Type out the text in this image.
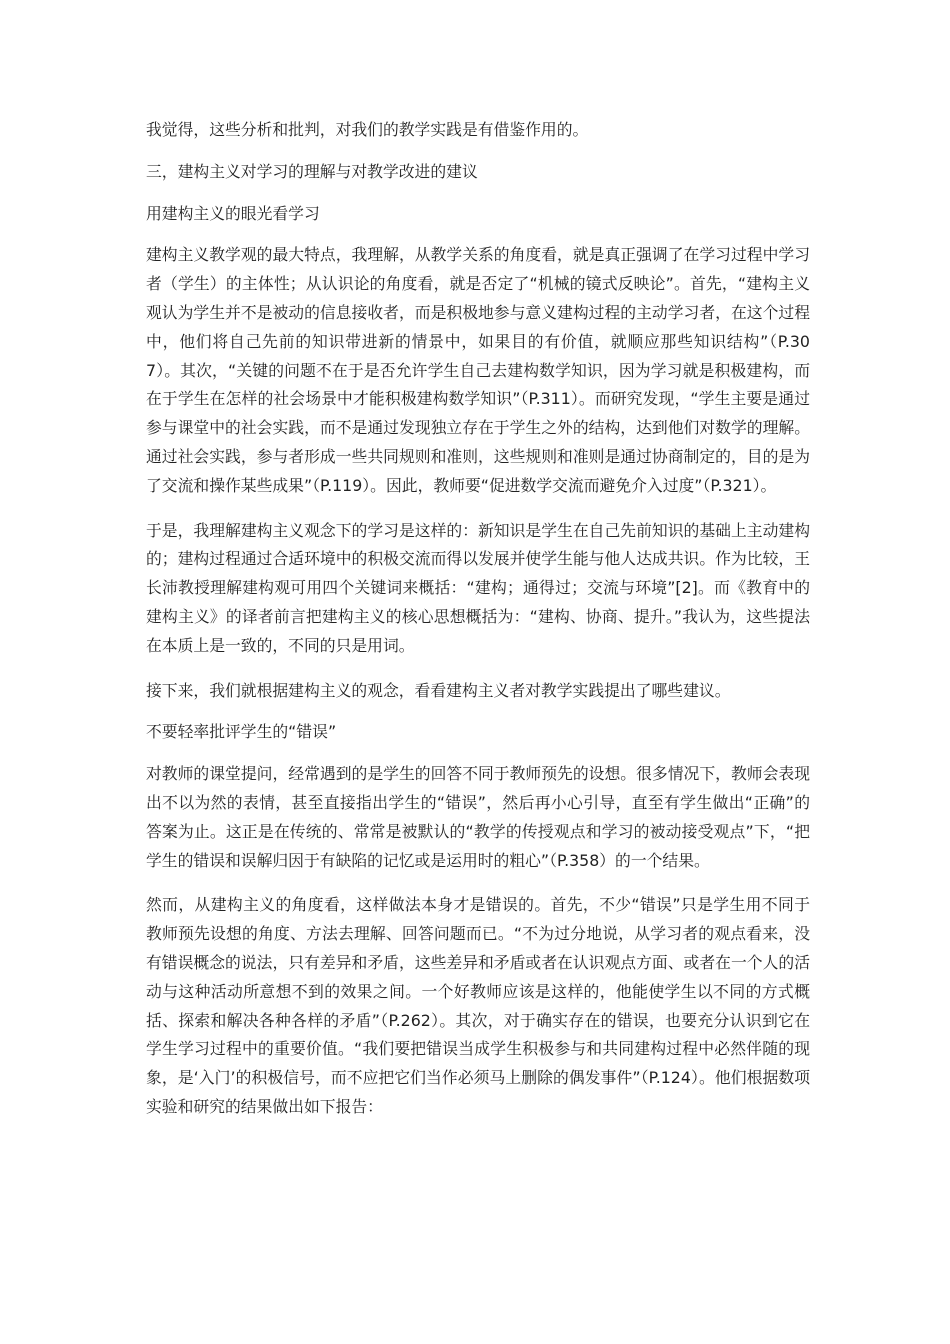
我觉得，这些分析和批判，对我们的教学实践是有借鉴作用的。

三，建构主义对学习的理解与对教学改进的建议

用建构主义的眼光看学习

建构主义教学观的最大特点，我理解，从教学关系的角度看，就是真正强调了在学习过程中学习者（学生）的主体性；从认识论的角度看，就是否定了“机械的镜式反映论”。首先，“建构主义观认为学生并不是被动的信息接收者，而是积极地参与意义建构过程的主动学习者，在这个过程中，他们将自己先前的知识带进新的情景中，如果目的有价值，就顺应那些知识结构”（P.307）。其次，“关键的问题不在于是否允许学生自己去建构数学知识，因为学习就是积极建构，而在于学生在怎样的社会场景中才能积极建构数学知识”（P.311）。而研究发现，“学生主要是通过参与课堂中的社会实践，而不是通过发现独立存在于学生之外的结构，达到他们对数学的理解。通过社会实践，参与者形成一些共同规则和准则，这些规则和准则是通过协商制定的，目的是为了交流和操作某些成果”（P.119）。因此，教师要“促进数学交流而避免介入过度”（P.321）。

于是，我理解建构主义观念下的学习是这样的：新知识是学生在自己先前知识的基础上主动建构的；建构过程通过合适环境中的积极交流而得以发展并使学生能与他人达成共识。作为比较，王长沛教授理解建构观可用四个关键词来概括：“建构；通得过；交流与环境”[2]。而《教育中的建构主义》的译者前言把建构主义的核心思想概括为：“建构、协商、提升。”我认为，这些提法在本质上是一致的，不同的只是用词。

接下来，我们就根据建构主义的观念，看看建构主义者对教学实践提出了哪些建议。

不要轻率批评学生的“错误”

对教师的课堂提问，经常遇到的是学生的回答不同于教师预先的设想。很多情况下，教师会表现出不以为然的表情，甚至直接指出学生的“错误”，然后再小心引导，直至有学生做出“正确”的答案为止。这正是在传统的、常常是被默认的“教学的传授观点和学习的被动接受观点”下，“把学生的错误和误解归因于有缺陷的记忆或是运用时的粗心”（P.358）的一个结果。

然而，从建构主义的角度看，这样做法本身才是错误的。首先，不少“错误”只是学生用不同于教师预先设想的角度、方法去理解、回答问题而已。“不为过分地说，从学习者的观点看来，没有错误概念的说法，只有差异和矛盾，这些差异和矛盾或者在认识观点方面、或者在一个人的活动与这种活动所意想不到的效果之间。一个好教师应该是这样的，他能使学生以不同的方式概括、探索和解决各种各样的矛盾”（P.262）。其次，对于确实存在的错误，也要充分认识到它在学生学习过程中的重要价值。“我们要把错误当成学生积极参与和共同建构过程中必然伴随的现象，是‘入门’的积极信号，而不应把它们当作必须马上删除的偶发事件”（P.124）。他们根据数项实验和研究的结果做出如下报告：
